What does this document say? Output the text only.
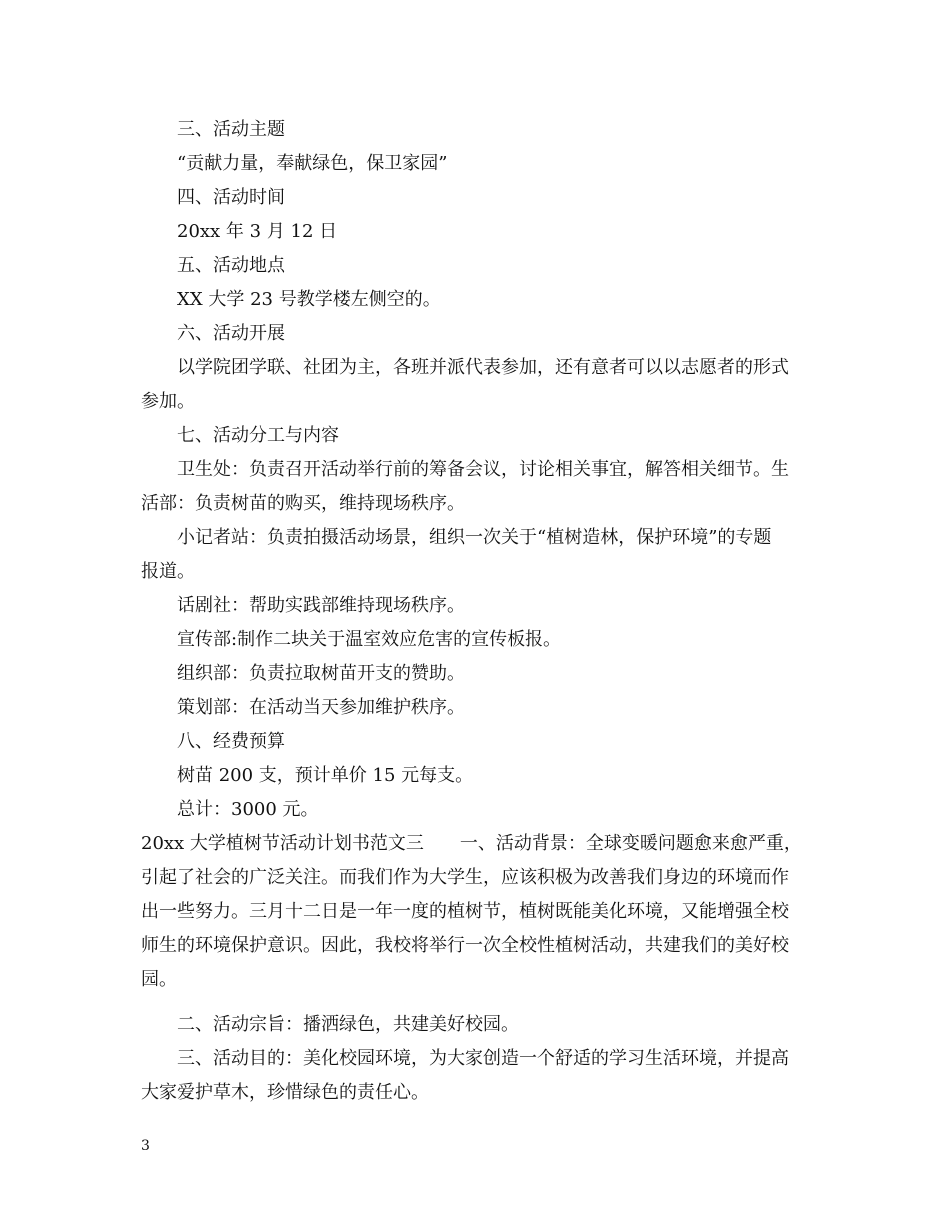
三、活动主题
“贡献力量，奉献绿色，保卫家园”
四、活动时间
20xx 年 3 月 12 日
五、活动地点
XX 大学 23 号教学楼左侧空的。
六、活动开展
以学院团学联、社团为主，各班并派代表参加，还有意者可以以志愿者的形式
参加。
七、活动分工与内容
卫生处：负责召开活动举行前的筹备会议，讨论相关事宜，解答相关细节。生
活部：负责树苗的购买，维持现场秩序。
小记者站：负责拍摄活动场景，组织一次关于“植树造林，保护环境”的专题
报道。
话剧社：帮助实践部维持现场秩序。
宣传部:制作二块关于温室效应危害的宣传板报。
组织部：负责拉取树苗开支的赞助。
策划部：在活动当天参加维护秩序。
八、经费预算
树苗 200 支，预计单价 15 元每支。
总计：3000 元。
20xx 大学植树节活动计划书范文三　　一、活动背景：全球变暖问题愈来愈严重，
引起了社会的广泛关注。而我们作为大学生，应该积极为改善我们身边的环境而作
出一些努力。三月十二日是一年一度的植树节，植树既能美化环境，又能增强全校
师生的环境保护意识。因此，我校将举行一次全校性植树活动，共建我们的美好校
园。
二、活动宗旨：播洒绿色，共建美好校园。
三、活动目的：美化校园环境，为大家创造一个舒适的学习生活环境，并提高
大家爱护草木，珍惜绿色的责任心。
3
